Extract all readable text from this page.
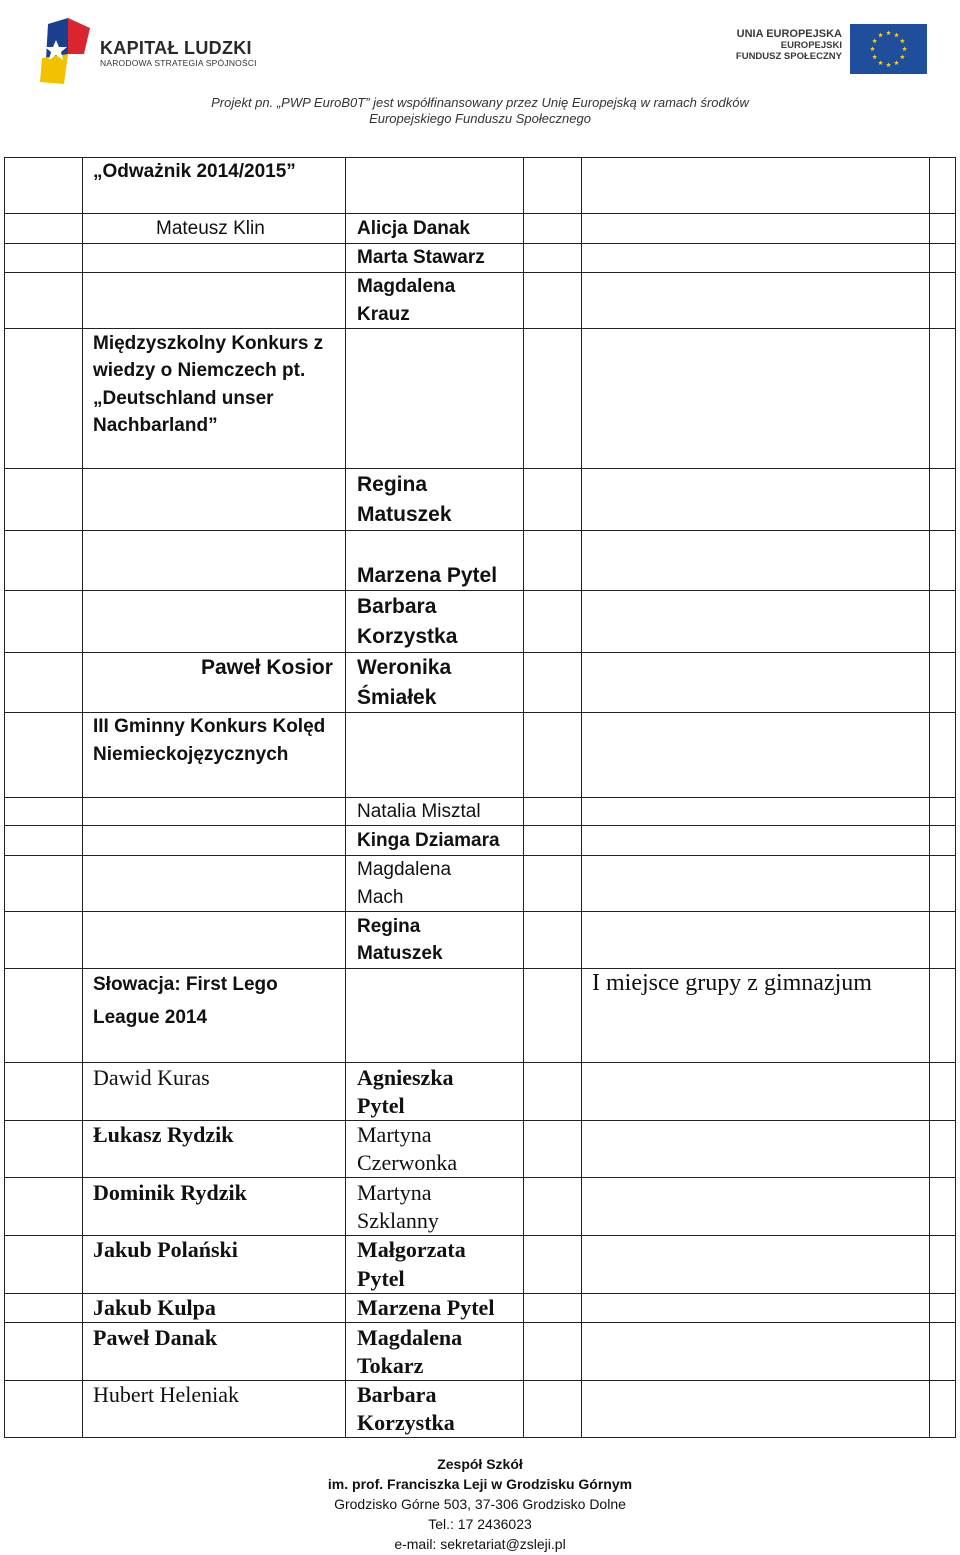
KAPITAŁ LUDZKI
NARODOWA STRATEGIA SPÓJNOŚCI
UNIA EUROPEJSKA
EUROPEJSKI
FUNDUSZ SPOŁECZNY
Projekt pn. „PWP EuroB0T” jest współfinansowany przez Unię Europejską w ramach środków
Europejskiego Funduszu Społecznego
„Odważnik 2014/2015”
Mateusz Klin	Alicja Danak
Marta Stawarz
Magdalena
Krauz
Międzyszkolny Konkurs z
wiedzy o Niemczech pt.
„Deutschland unser
Nachbarland”
Regina
Matuszek
Marzena Pytel
Barbara
Korzystka
Paweł Kosior Weronika
Śmiałek
III Gminny Konkurs Kolęd
Niemieckojęzycznych
Natalia Misztal
Kinga Dziamara
Magdalena
Mach
Regina
Matuszek
Słowacja: First Lego
League 2014
I miejsce grupy z gimnazjum
Dawid Kuras
Łukasz Rydzik
Dominik Rydzik
Jakub Polański
Jakub Kulpa
Paweł Danak
Hubert Heleniak
Agnieszka
Pytel
Martyna
Czerwonka
Martyna
Szklanny
Małgorzata
Pytel
Marzena Pytel
Magdalena
Tokarz
Barbara
Korzystka
Zespół Szkół
im. prof. Franciszka Leji w Grodzisku Górnym
Grodzisko Górne 503, 37-306 Grodzisko Dolne
Tel.: 17 2436023
e-mail: sekretariat@zsleji.pl
